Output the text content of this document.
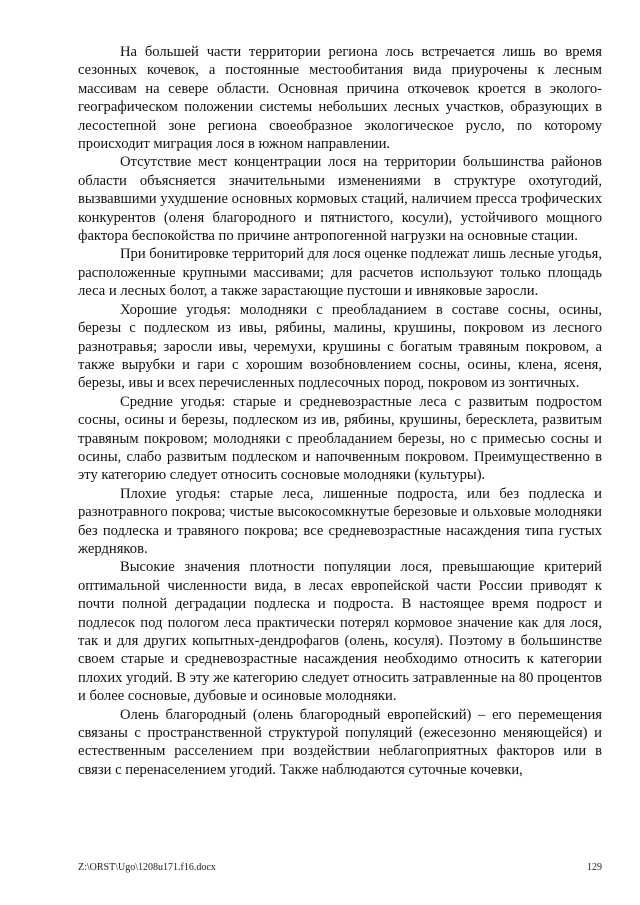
На большей части территории региона лось встречается лишь во время сезонных кочевок, а постоянные местообитания вида приурочены к лесным массивам на севере области. Основная причина откочевок кроется в эколого-географическом положении системы небольших лесных участков, образующих в лесостепной зоне региона своеобразное экологическое русло, по которому происходит миграция лося в южном направлении.

Отсутствие мест концентрации лося на территории большинства районов области объясняется значительными изменениями в структуре охотугодий, вызвавшими ухудшение основных кормовых стаций, наличием пресса трофических конкурентов (оленя благородного и пятнистого, косули), устойчивого мощного фактора беспокойства по причине антропогенной нагрузки на основные стации.

При бонитировке территорий для лося оценке подлежат лишь лесные угодья, расположенные крупными массивами; для расчетов используют только площадь леса и лесных болот, а также зарастающие пустоши и ивняковые заросли.

Хорошие угодья: молодняки с преобладанием в составе сосны, осины, березы с подлеском из ивы, рябины, малины, крушины, покровом из лесного разнотравья; заросли ивы, черемухи, крушины с богатым травяным покровом, а также вырубки и гари с хорошим возобновлением сосны, осины, клена, ясеня, березы, ивы и всех перечисленных подлесочных пород, покровом из зонтичных.

Средние угодья: старые и средневозрастные леса с развитым подростом сосны, осины и березы, подлеском из ив, рябины, крушины, бересклета, развитым травяным покровом; молодняки с преобладанием березы, но с примесью сосны и осины, слабо развитым подлеском и напочвенным покровом. Преимущественно в эту категорию следует относить сосновые молодняки (культуры).

Плохие угодья: старые леса, лишенные подроста, или без подлеска и разнотравного покрова; чистые высокосомкнутые березовые и ольховые молодняки без подлеска и травяного покрова; все средневозрастные насаждения типа густых жердняков.

Высокие значения плотности популяции лося, превышающие критерий оптимальной численности вида, в лесах европейской части России приводят к почти полной деградации подлеска и подроста. В настоящее время подрост и подлесок под пологом леса практически потерял кормовое значение как для лося, так и для других копытных-дендрофагов (олень, косуля). Поэтому в большинстве своем старые и средневозрастные насаждения необходимо относить к категории плохих угодий. В эту же категорию следует относить затравленные на 80 процентов и более сосновые, дубовые и осиновые молодняки.

Олень благородный (олень благородный европейский) – его перемещения связаны с пространственной структурой популяций (ежесезонно меняющейся) и естественным расселением при воздействии неблагоприятных факторов или в связи с перенаселением угодий. Также наблюдаются суточные кочевки,

Z:\ORST\Ugo\1208u171.f16.docx	129
